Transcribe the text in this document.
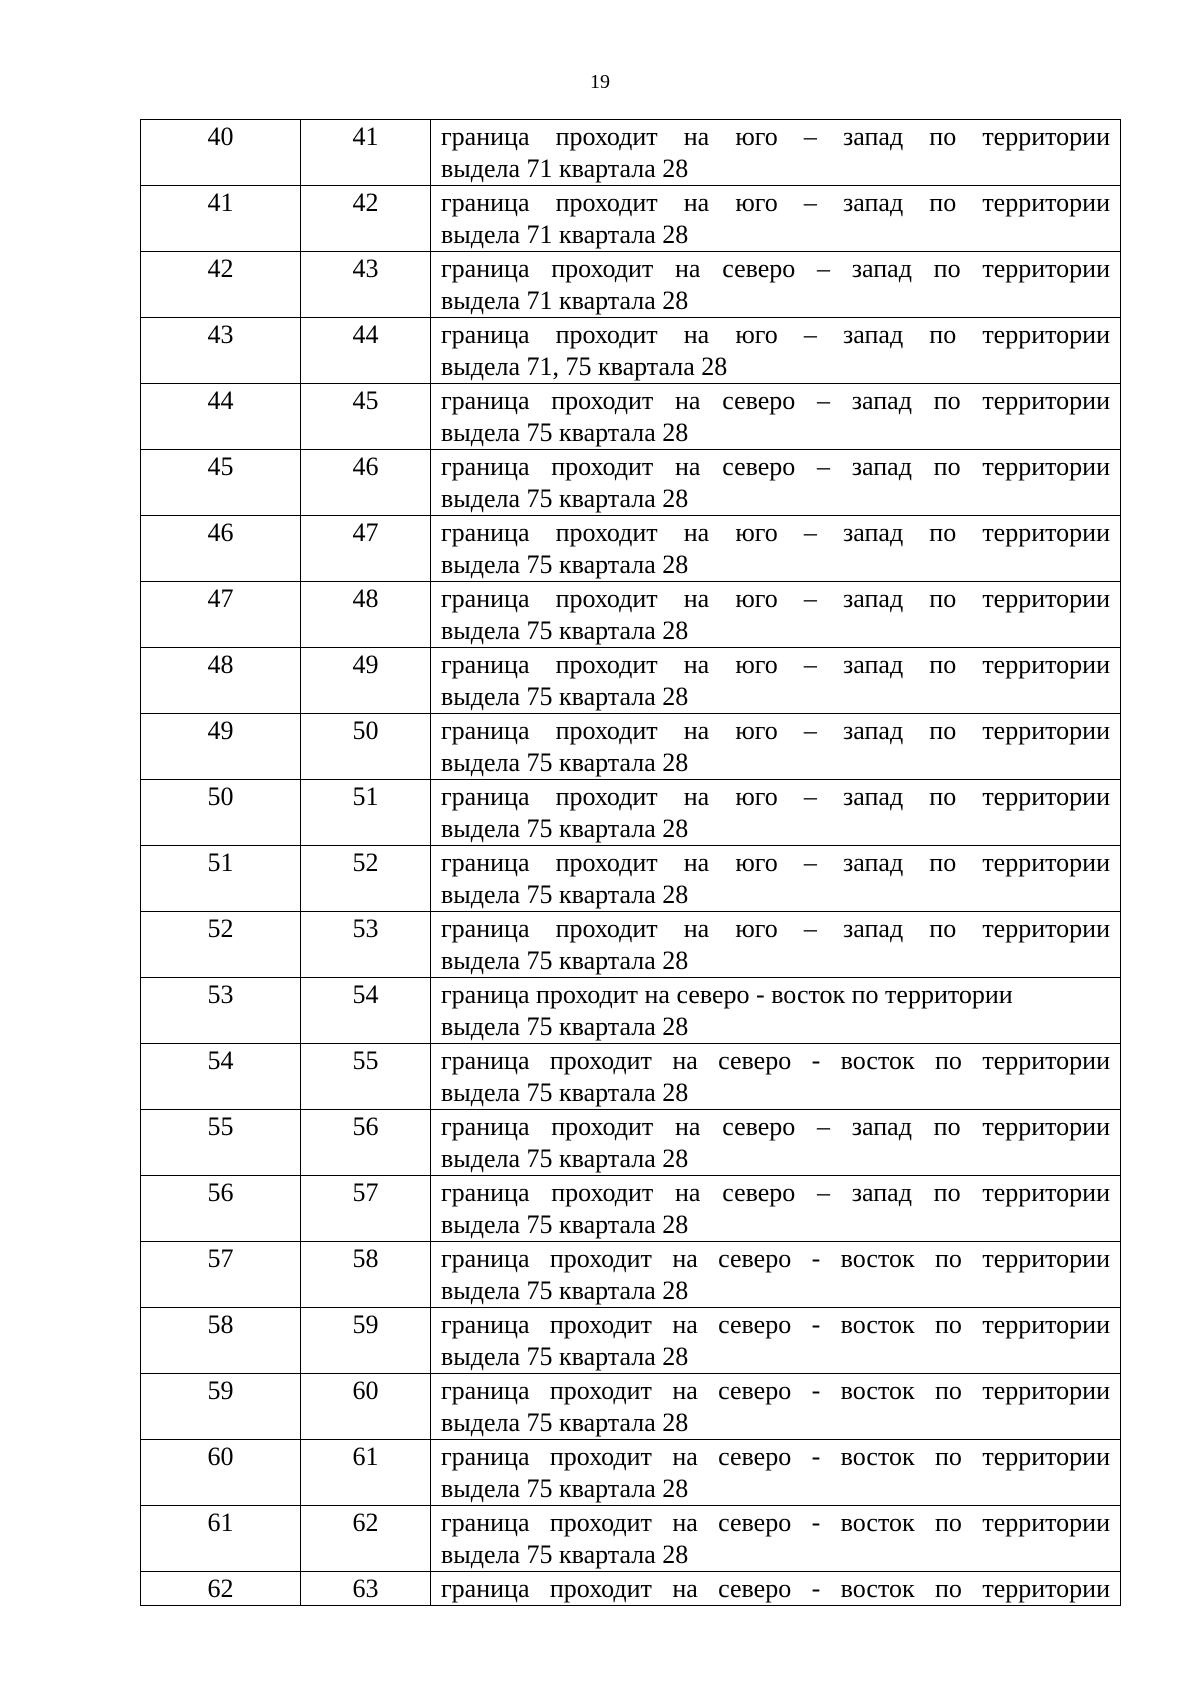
19
40	41	граница проходит на юго – запад по территории
выдела 71 квартала 28

41	42	граница проходит на юго – запад по территории
выдела 71 квартала 28

42	43	граница проходит на северо – запад по территории
выдела 71 квартала 28

43	44	граница проходит на юго – запад по территории
выдела 71, 75 квартала 28

44	45	граница проходит на северо – запад по территории
выдела 75 квартала 28

45	46	граница проходит на северо – запад по территории
выдела 75 квартала 28

46	47	граница проходит на юго – запад по территории
выдела 75 квартала 28

47	48	граница проходит на юго – запад по территории
выдела 75 квартала 28

48	49	граница проходит на юго – запад по территории
выдела 75 квартала 28

49	50	граница проходит на юго – запад по территории
выдела 75 квартала 28

50	51	граница проходит на юго – запад по территории
выдела 75 квартала 28

51	52	граница проходит на юго – запад по территории
выдела 75 квартала 28

52	53	граница проходит на юго – запад по территории
выдела 75 квартала 28

53	54	граница проходит на северо - восток по территории
выдела 75 квартала 28

54	55	граница проходит на северо - восток по территории
выдела 75 квартала 28

55	56	граница проходит на северо – запад по территории
выдела 75 квартала 28

56	57	граница проходит на северо – запад по территории
выдела 75 квартала 28

57	58	граница проходит на северо - восток по территории
выдела 75 квартала 28

58	59	граница проходит на северо - восток по территории
выдела 75 квартала 28

59	60	граница проходит на северо - восток по территории
выдела 75 квартала 28

60	61	граница проходит на северо - восток по территории
выдела 75 квартала 28

61	62	граница проходит на северо - восток по территории
выдела 75 квартала 28

62	63	граница проходит на северо - восток по территории
